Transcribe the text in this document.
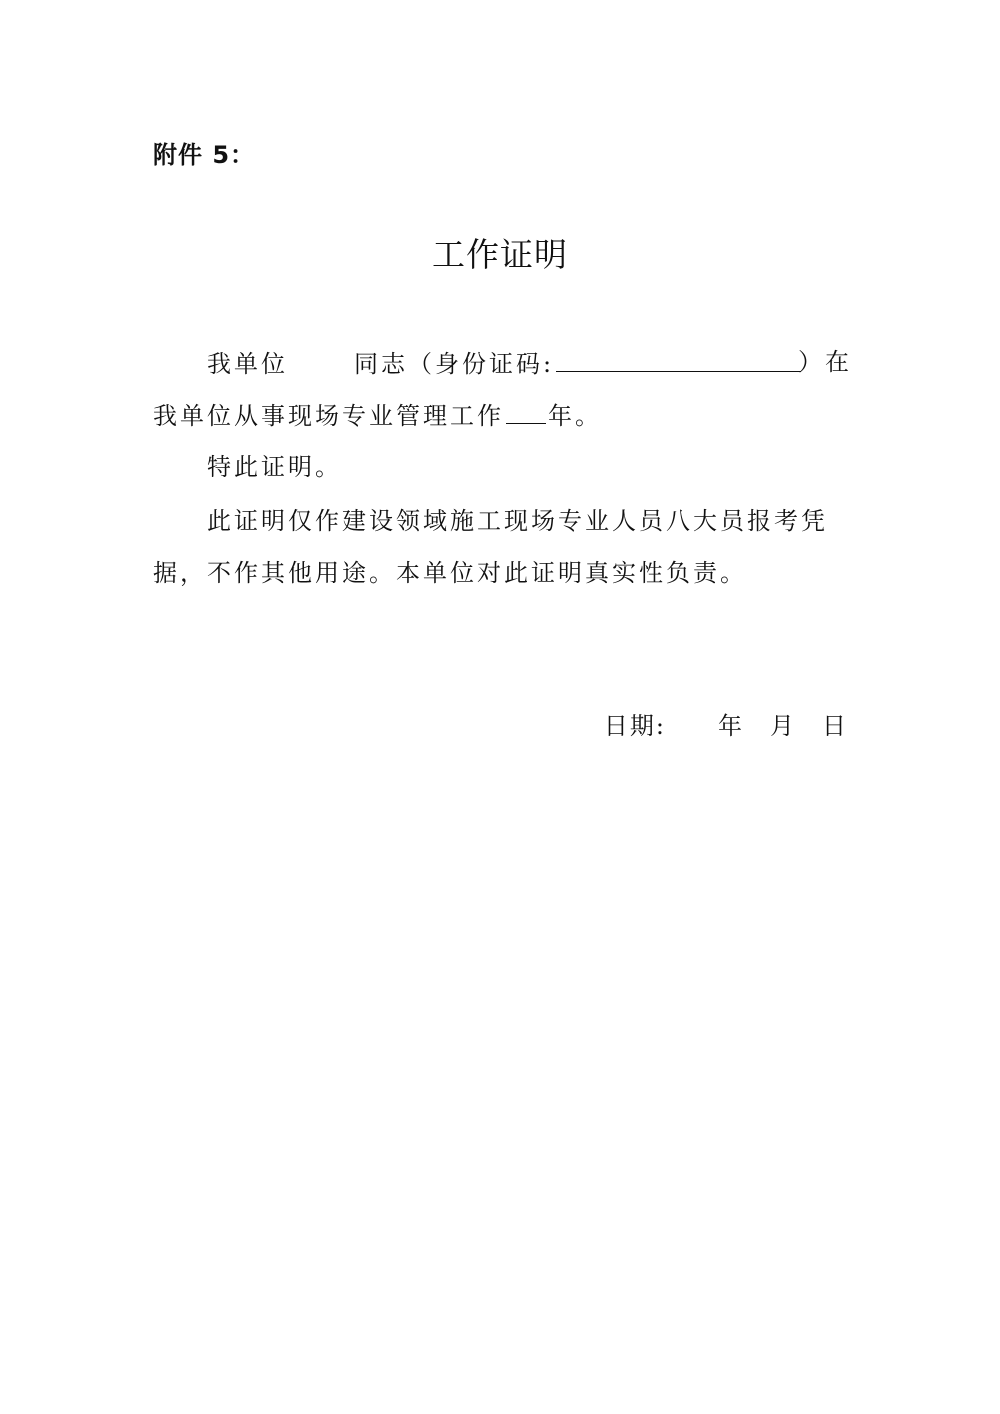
附件 5：
工作证明
我单位	同志（身份证码:	）在
我单位从事现场专业管理工作 年。
特此证明。
此证明仅作建设领域施工现场专业人员八大员报考凭
据，不作其他用途。本单位对此证明真实性负责。
日期: 年 月 日
